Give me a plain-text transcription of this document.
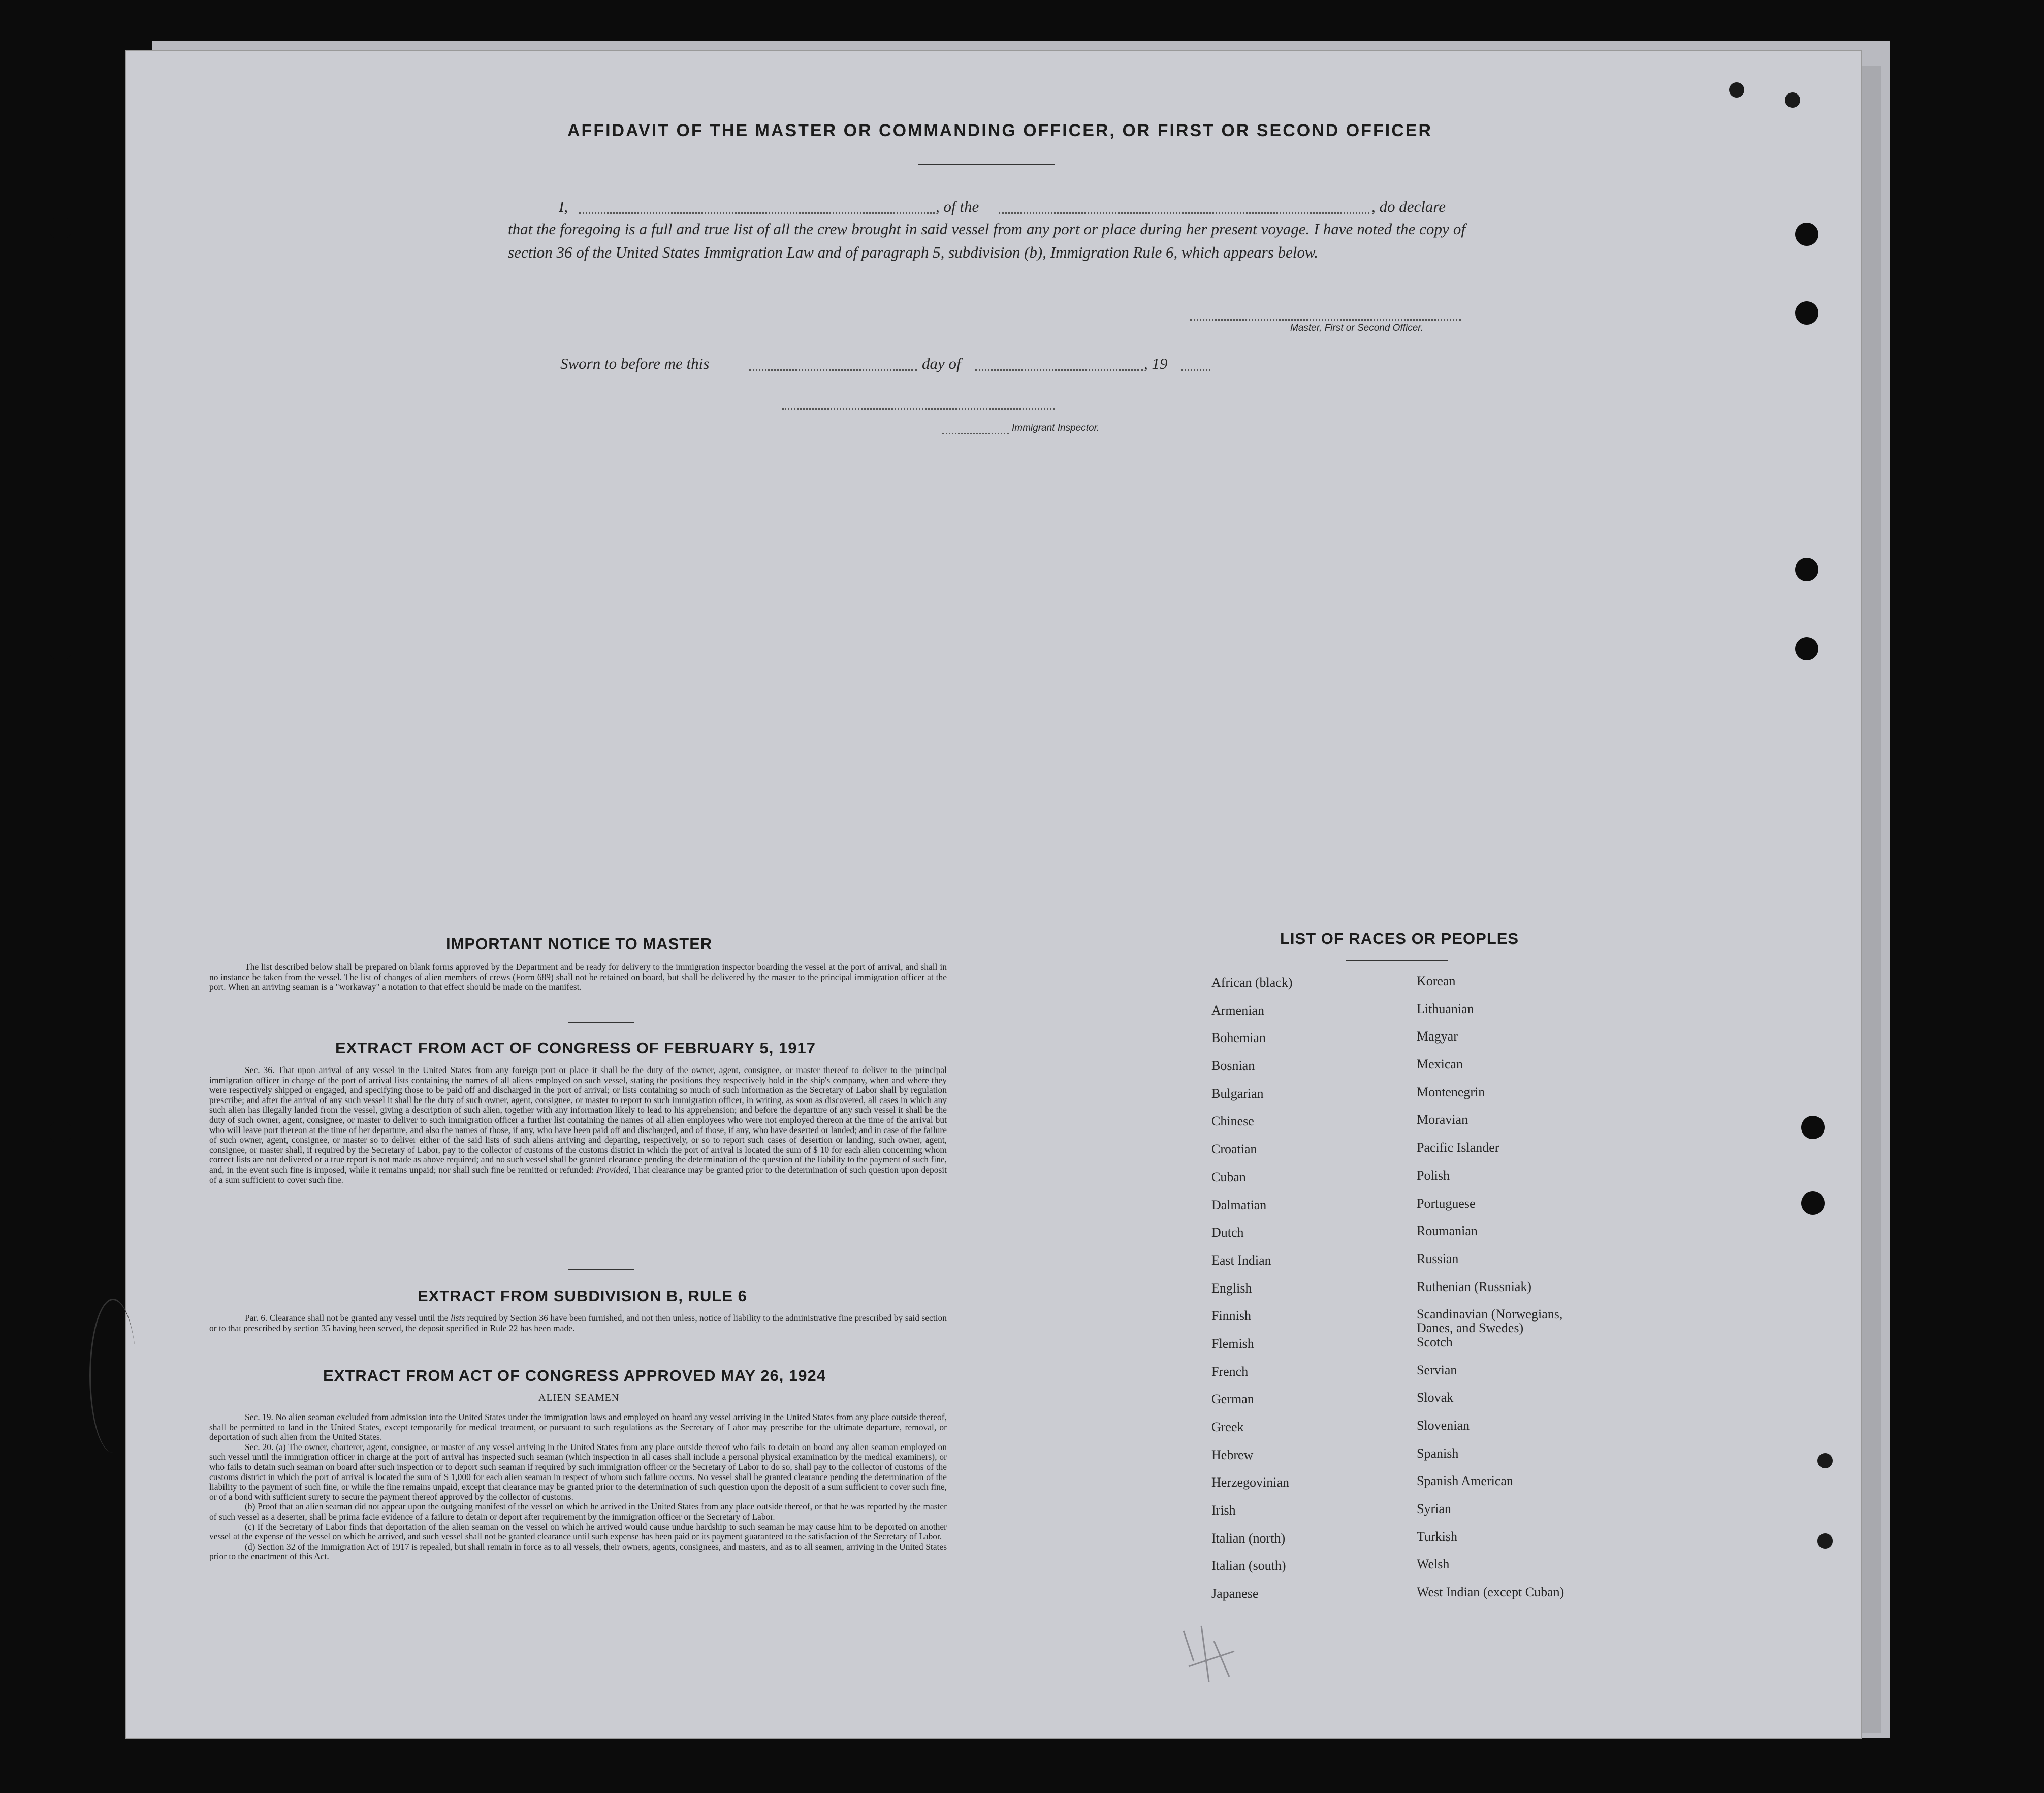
AFFIDAVIT OF THE MASTER OR COMMANDING OFFICER, OR FIRST OR SECOND OFFICER
I,	, of the	, do declare
that the foregoing is a full and true list of all the crew brought in said vessel from any port or place during her present voyage. I have noted the copy of section 36 of the United States Immigration Law and of paragraph 5, subdivision (b), Immigration Rule 6, which appears below.
Master, First or Second Officer.
Sworn to before me this	day of	, 19
Immigrant Inspector.
IMPORTANT NOTICE TO MASTER

The list described below shall be prepared on blank forms approved by the Department and be ready for delivery to the immigration inspector boarding the vessel at the port of arrival, and shall in no instance be taken from the vessel. The list of changes of alien members of crews (Form 689) shall not be retained on board, but shall be delivered by the master to the principal immigration officer at the port. When an arriving seaman is a "workaway" a notation to that effect should be made on the manifest.

EXTRACT FROM ACT OF CONGRESS OF FEBRUARY 5, 1917

Sec. 36. That upon arrival of any vessel in the United States from any foreign port or place it shall be the duty of the owner, agent, consignee, or master thereof to deliver to the principal immigration officer in charge of the port of arrival lists containing the names of all aliens employed on such vessel, stating the positions they respectively hold in the ship's company, when and where they were respectively shipped or engaged, and specifying those to be paid off and discharged in the port of arrival; or lists containing so much of such information as the Secretary of Labor shall by regulation prescribe; and after the arrival of any such vessel it shall be the duty of such owner, agent, consignee, or master to report to such immigration officer, in writing, as soon as discovered, all cases in which any such alien has illegally landed from the vessel, giving a description of such alien, together with any information likely to lead to his apprehension; and before the departure of any such vessel it shall be the duty of such owner, agent, consignee, or master to deliver to such immigration officer a further list containing the names of all alien employees who were not employed thereon at the time of the arrival but who will leave port thereon at the time of her departure, and also the names of those, if any, who have been paid off and discharged, and of those, if any, who have deserted or landed; and in case of the failure of such owner, agent, consignee, or master so to deliver either of the said lists of such aliens arriving and departing, respectively, or so to report such cases of desertion or landing, such owner, agent, consignee, or master shall, if required by the Secretary of Labor, pay to the collector of customs of the customs district in which the port of arrival is located the sum of $ 10 for each alien concerning whom correct lists are not delivered or a true report is not made as above required; and no such vessel shall be granted clearance pending the determination of the question of the liability to the payment of such fine, and, in the event such fine is imposed, while it remains unpaid; nor shall such fine be remitted or refunded: Provided, That clearance may be granted prior to the determination of such question upon deposit of a sum sufficient to cover such fine.

EXTRACT FROM SUBDIVISION B, RULE 6

Par. 6. Clearance shall not be granted any vessel until the lists required by Section 36 have been furnished, and not then unless, notice of liability to the administrative fine prescribed by said section or to that prescribed by section 35 having been served, the deposit specified in Rule 22 has been made.

EXTRACT FROM ACT OF CONGRESS APPROVED MAY 26, 1924
ALIEN SEAMEN

Sec. 19. No alien seaman excluded from admission into the United States under the immigration laws and employed on board any vessel arriving in the United States from any place outside thereof, shall be permitted to land in the United States, except temporarily for medical treatment, or pursuant to such regulations as the Secretary of Labor may prescribe for the ultimate departure, removal, or deportation of such alien from the United States.

Sec. 20. (a) The owner, charterer, agent, consignee, or master of any vessel arriving in the United States from any place outside thereof who fails to detain on board any alien seaman employed on such vessel until the immigration officer in charge at the port of arrival has inspected such seaman (which inspection in all cases shall include a personal physical examination by the medical examiners), or who fails to detain such seaman on board after such inspection or to deport such seaman if required by such immigration officer or the Secretary of Labor to do so, shall pay to the collector of customs of the customs district in which the port of arrival is located the sum of $ 1,000 for each alien seaman in respect of whom such failure occurs. No vessel shall be granted clearance pending the determination of the liability to the payment of such fine, or while the fine remains unpaid, except that clearance may be granted prior to the determination of such question upon the deposit of a sum sufficient to cover such fine, or of a bond with sufficient surety to secure the payment thereof approved by the collector of customs.

(b) Proof that an alien seaman did not appear upon the outgoing manifest of the vessel on which he arrived in the United States from any place outside thereof, or that he was reported by the master of such vessel as a deserter, shall be prima facie evidence of a failure to detain or deport after requirement by the immigration officer or the Secretary of Labor.

(c) If the Secretary of Labor finds that deportation of the alien seaman on the vessel on which he arrived would cause undue hardship to such seaman he may cause him to be deported on another vessel at the expense of the vessel on which he arrived, and such vessel shall not be granted clearance until such expense has been paid or its payment guaranteed to the satisfaction of the Secretary of Labor.

(d) Section 32 of the Immigration Act of 1917 is repealed, but shall remain in force as to all vessels, their owners, agents, consignees, and masters, and as to all seamen, arriving in the United States prior to the enactment of this Act.

LIST OF RACES OR PEOPLES
African (black)
Armenian
Bohemian
Bosnian
Bulgarian
Chinese
Croatian
Cuban
Dalmatian
Dutch
East Indian
English
Finnish
Flemish
French
German
Greek
Hebrew
Herzegovinian
Irish
Italian (north)
Italian (south)
Japanese
Korean
Lithuanian
Magyar
Mexican
Montenegrin
Moravian
Pacific Islander
Polish
Portuguese
Roumanian
Russian
Ruthenian (Russniak)
Scandinavian (Norwegians, Danes, and Swedes)
Scotch
Servian
Slovak
Slovenian
Spanish
Spanish American
Syrian
Turkish
Welsh
West Indian (except Cuban)
